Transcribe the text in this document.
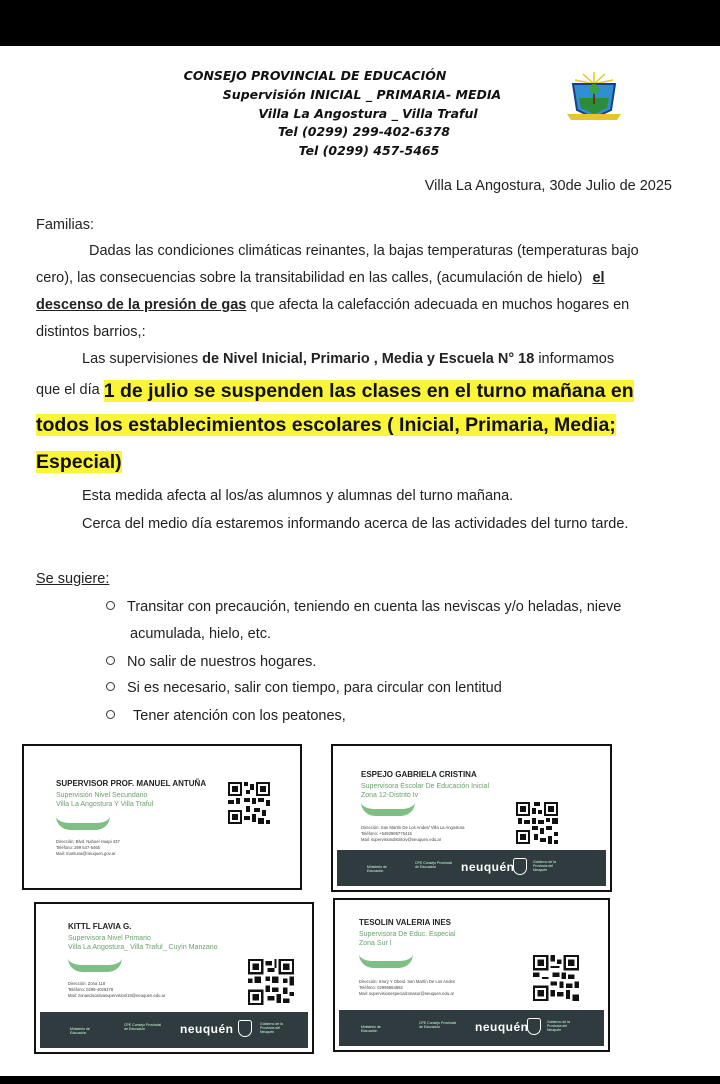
CONSEJO PROVINCIAL DE EDUCACIÓN
Supervisión INICIAL _ PRIMARIA- MEDIA
Villa La Angostura _ Villa Traful
Tel (0299) 299-402-6378
Tel (0299) 457-5465
Villa La Angostura, 30de Julio de 2025
Familias:
Dadas las condiciones climáticas reinantes, la bajas temperaturas (temperaturas bajo
cero), las consecuencias sobre la transitabilidad en las calles, (acumulación de hielo) el
descenso de la presión de gas que afecta la calefacción adecuada en muchos hogares en
distintos barrios,:
Las supervisiones de Nivel Inicial, Primario , Media y Escuela N° 18 informamos
que el día 1 de julio se suspenden las clases en el turno mañana en
todos los establecimientos escolares ( Inicial, Primaria, Media;
Especial)
Esta medida afecta al los/as alumnos y alumnas del turno mañana.
Cerca del medio día estaremos informando acerca de las actividades del turno tarde.
Se sugiere:
Transitar con precaución, teniendo en cuenta las neviscas y/o heladas, nieve
acumulada, hielo, etc.
No salir de nuestros hogares.
Si es necesario, salir con tiempo, para circular con lentitud
Tener atención con los peatones,
SUPERVISOR PROF. MANUEL ANTUÑA
Supervisión Nivel Secundario
Villa La Angostura Y Villa Traful
Dirección: Blvd. Nahuel Huapi 437
Teléfono: 299 547-5465
Mail: mantuna@neuquen.gov.ar
ESPEJO GABRIELA CRISTINA
Supervisora Escolar De Educación Inicial
Zona 12-Distrito Iv
Dirección: San Martín De Los Andes/ Villa La Angostura
Teléfono: +5492995775415
Mail: supervisiondistritoiv@neuquen.edu.ar
Ministerio de Educación
CPE Consejo Provincial de Educación	neuquén	Gobierno de la Provincia del Neuquén
KITTL FLAVIA G.
Supervisora Nivel Primario
Villa La Angostura_ Villa Traful_ Cuyín Manzano
Dirección: Zona 118
Teléfono: 0299-4026378
Mail: zonaeducativasupervisionl18@neuquen.edu.ar
Ministerio de Educación
CPE Consejo Provincial de Educación	neuquén	Gobierno de la Provincia del Neuquén
TESOLIN VALERIA INES
Supervisora De Educ. Especial
Zona Sur I
Dirección: Srury Y Obeid. San Martín De Los Andes
Teléfono: 02995864892
Mail: supervisionespecialzonasur@neuquen.edu.ar
Ministerio de Educación
CPE Consejo Provincial de Educación	neuquén	Gobierno de la Provincia del Neuquén
